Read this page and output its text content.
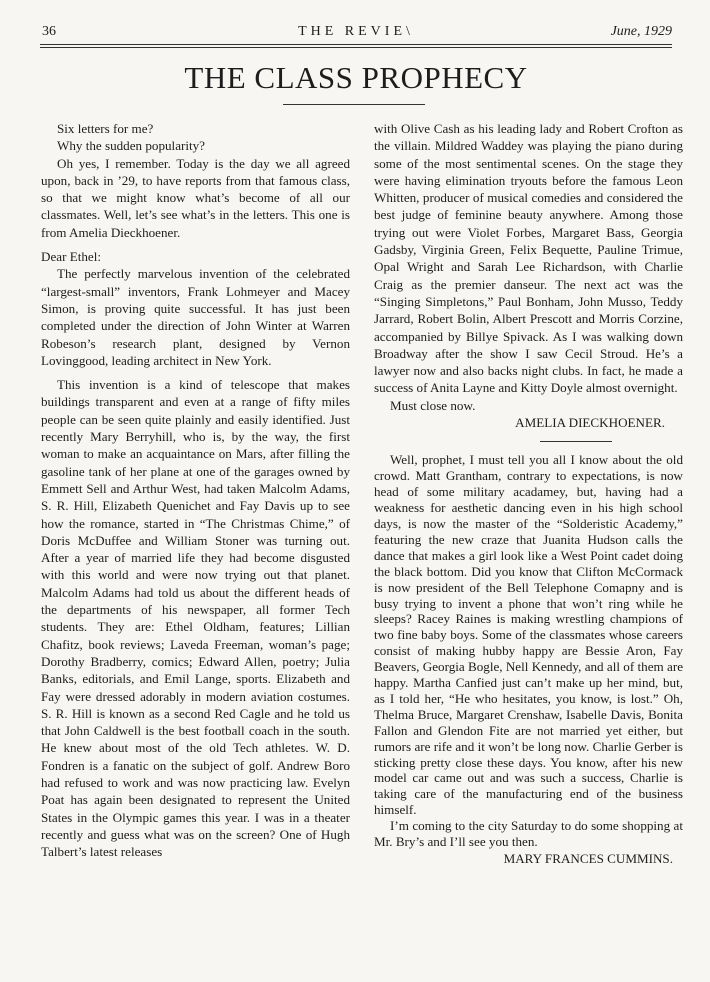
36	THE REVIE\	June, 1929
THE CLASS PROPHECY

Six letters for me?

Why the sudden popularity?

Oh yes, I remember. Today is the day we all agreed upon, back in ’29, to have reports from that famous class, so that we might know what’s become of all our classmates. Well, let’s see what’s in the letters. This one is from Amelia Dieckhoener.

Dear Ethel:

The perfectly marvelous invention of the celebrated “largest-small” inventors, Frank Lohmeyer and Macey Simon, is proving quite successful. It has just been completed under the direction of John Winter at Warren Robeson’s research plant, designed by Vernon Lovinggood, leading architect in New York.

This invention is a kind of telescope that makes buildings transparent and even at a range of fifty miles people can be seen quite plainly and easily identified. Just recently Mary Berryhill, who is, by the way, the first woman to make an acquaintance on Mars, after filling the gasoline tank of her plane at one of the garages owned by Emmett Sell and Arthur West, had taken Malcolm Adams, S. R. Hill, Elizabeth Quenichet and Fay Davis up to see how the romance, started in “The Christmas Chime,” of Doris McDuffee and William Stoner was turning out. After a year of married life they had become disgusted with this world and were now trying out that planet. Malcolm Adams had told us about the different heads of the departments of his newspaper, all former Tech students. They are: Ethel Oldham, features; Lillian Chafitz, book reviews; Laveda Freeman, woman’s page; Dorothy Bradberry, comics; Edward Allen, poetry; Julia Banks, editorials, and Emil Lange, sports. Elizabeth and Fay were dressed adorably in modern aviation costumes. S. R. Hill is known as a second Red Cagle and he told us that John Caldwell is the best football coach in the south. He knew about most of the old Tech athletes. W. D. Fondren is a fanatic on the subject of golf. Andrew Boro had refused to work and was now practicing law. Evelyn Poat has again been designated to represent the United States in the Olympic games this year. I was in a theater recently and guess what was on the screen? One of Hugh Talbert’s latest releases

with Olive Cash as his leading lady and Robert Crofton as the villain. Mildred Waddey was playing the piano during some of the most sentimental scenes. On the stage they were having elimination tryouts before the famous Leon Whitten, producer of musical comedies and considered the best judge of feminine beauty anywhere. Among those trying out were Violet Forbes, Margaret Bass, Georgia Gadsby, Virginia Green, Felix Bequette, Pauline Trimue, Opal Wright and Sarah Lee Richardson, with Charlie Craig as the premier danseur. The next act was the “Singing Simpletons,” Paul Bonham, John Musso, Teddy Jarrard, Robert Bolin, Albert Prescott and Morris Corzine, accompanied by Billye Spivack. As I was walking down Broadway after the show I saw Cecil Stroud. He’s a lawyer now and also backs night clubs. In fact, he made a success of Anita Layne and Kitty Doyle almost overnight.

Must close now.

AMELIA DIECKHOENER.

Well, prophet, I must tell you all I know about the old crowd. Matt Grantham, contrary to expectations, is now head of some military acadamey, but, having had a weakness for aesthetic dancing even in his high school days, is now the master of the “Solderistic Academy,” featuring the new craze that Juanita Hudson calls the dance that makes a girl look like a West Point cadet doing the black bottom. Did you know that Clifton McCormack is now president of the Bell Telephone Comapny and is busy trying to invent a phone that won’t ring while he sleeps? Racey Raines is making wrestling champions of two fine baby boys. Some of the classmates whose careers consist of making hubby happy are Bessie Aron, Fay Beavers, Georgia Bogle, Nell Kennedy, and all of them are happy. Martha Canfied just can’t make up her mind, but, as I told her, “He who hesitates, you know, is lost.” Oh, Thelma Bruce, Margaret Crenshaw, Isabelle Davis, Bonita Fallon and Glendon Fite are not married yet either, but rumors are rife and it won’t be long now. Charlie Gerber is sticking pretty close these days. You know, after his new model car came out and was such a success, Charlie is taking care of the manufacturing end of the business himself.

I’m coming to the city Saturday to do some shopping at Mr. Bry’s and I’ll see you then.

MARY FRANCES CUMMINS.
